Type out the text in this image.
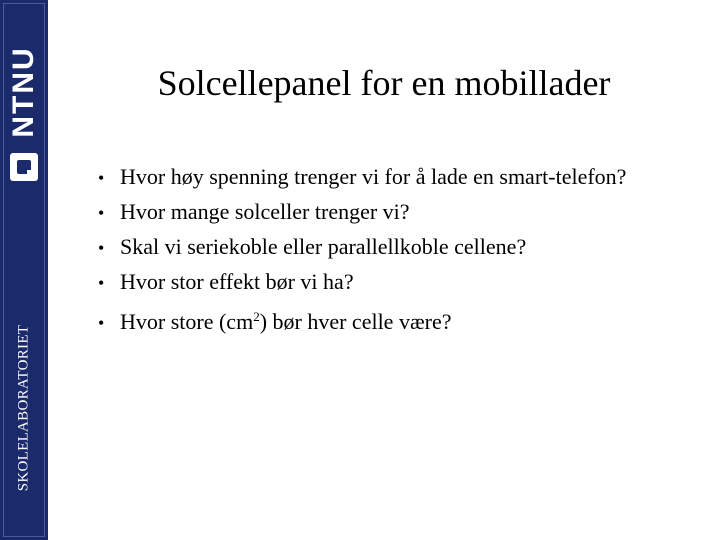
NTNU
SKOLELABORATORIET
Solcellepanel for en mobillader
• Hvor høy spenning trenger vi for å lade en smart-telefon?
• Hvor mange solceller trenger vi?
• Skal vi seriekoble eller parallellkoble cellene?
• Hvor stor effekt bør vi ha?
• Hvor store $(cm^2)$ bør hver celle være?
